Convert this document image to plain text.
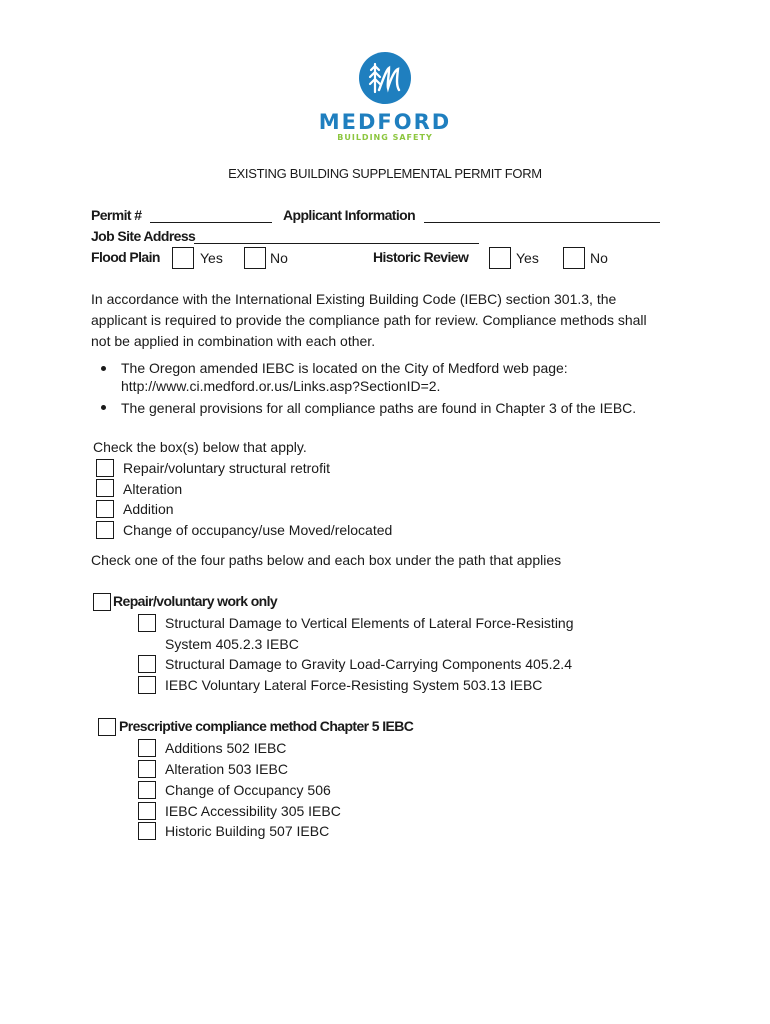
MEDFORD
BUILDING SAFETY
EXISTING BUILDING SUPPLEMENTAL PERMIT FORM
Permit #	Applicant Information
Job Site Address
Flood Plain	Yes	No	Historic Review	Yes	No
In accordance with the International Existing Building Code (IEBC) section 301.3, the
applicant is required to provide the compliance path for review. Compliance methods shall
not be applied in combination with each other.
The Oregon amended IEBC is located on the City of Medford web page:
http://www.ci.medford.or.us/Links.asp?SectionID=2.
The general provisions for all compliance paths are found in Chapter 3 of the IEBC.
Check the box(s) below that apply.
Repair/voluntary structural retrofit
Alteration
Addition
Change of occupancy/use Moved/relocated
Check one of the four paths below and each box under the path that applies
Repair/voluntary work only
Structural Damage to Vertical Elements of Lateral Force-Resisting
System 405.2.3 IEBC
Structural Damage to Gravity Load-Carrying Components 405.2.4
IEBC Voluntary Lateral Force-Resisting System 503.13 IEBC
Prescriptive compliance method Chapter 5 IEBC
Additions 502 IEBC
Alteration 503 IEBC
Change of Occupancy 506
IEBC Accessibility 305 IEBC
Historic Building 507 IEBC
